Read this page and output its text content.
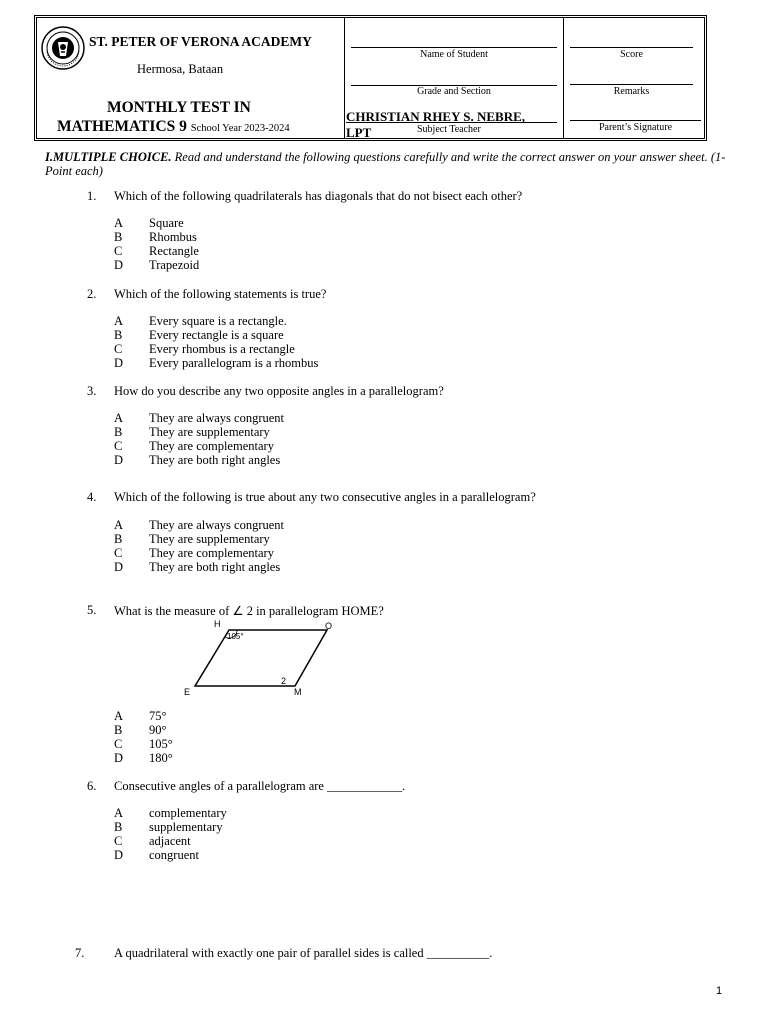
ST. PETER OF VERONA ACADEMY
Hermosa, Bataan
MONTHLY TEST IN
MATHEMATICS 9 School Year 2023-2024
Name of Student
Grade and Section
CHRISTIAN RHEY S. NEBRE,
LPT	Subject Teacher
Score
Remarks
Parent’s Signature
I.MULTIPLE CHOICE. Read and understand the following questions carefully and write the correct answer on your answer sheet. (1- Point each)
1. Which of the following quadrilaterals has diagonals that do not bisect each other?
A Square
B Rhombus
C Rectangle
D Trapezoid
2. Which of the following statements is true?
A Every square is a rectangle.
B Every rectangle is a square
C Every rhombus is a rectangle
D Every parallelogram is a rhombus
3. How do you describe any two opposite angles in a parallelogram?
A They are always congruent
B They are supplementary
C They are complementary
D They are both right angles
4. Which of the following is true about any two consecutive angles in a parallelogram?
A They are always congruent
B They are supplementary
C They are complementary
D They are both right angles
5. What is the measure of ∠ 2 in parallelogram HOME?
H	O
M
E
105°
2
A 75°
B 90°
C 105°
D 180°
6. Consecutive angles of a parallelogram are ____________.
A complementary
B supplementary
C adjacent
D congruent
7. A quadrilateral with exactly one pair of parallel sides is called __________.
1
